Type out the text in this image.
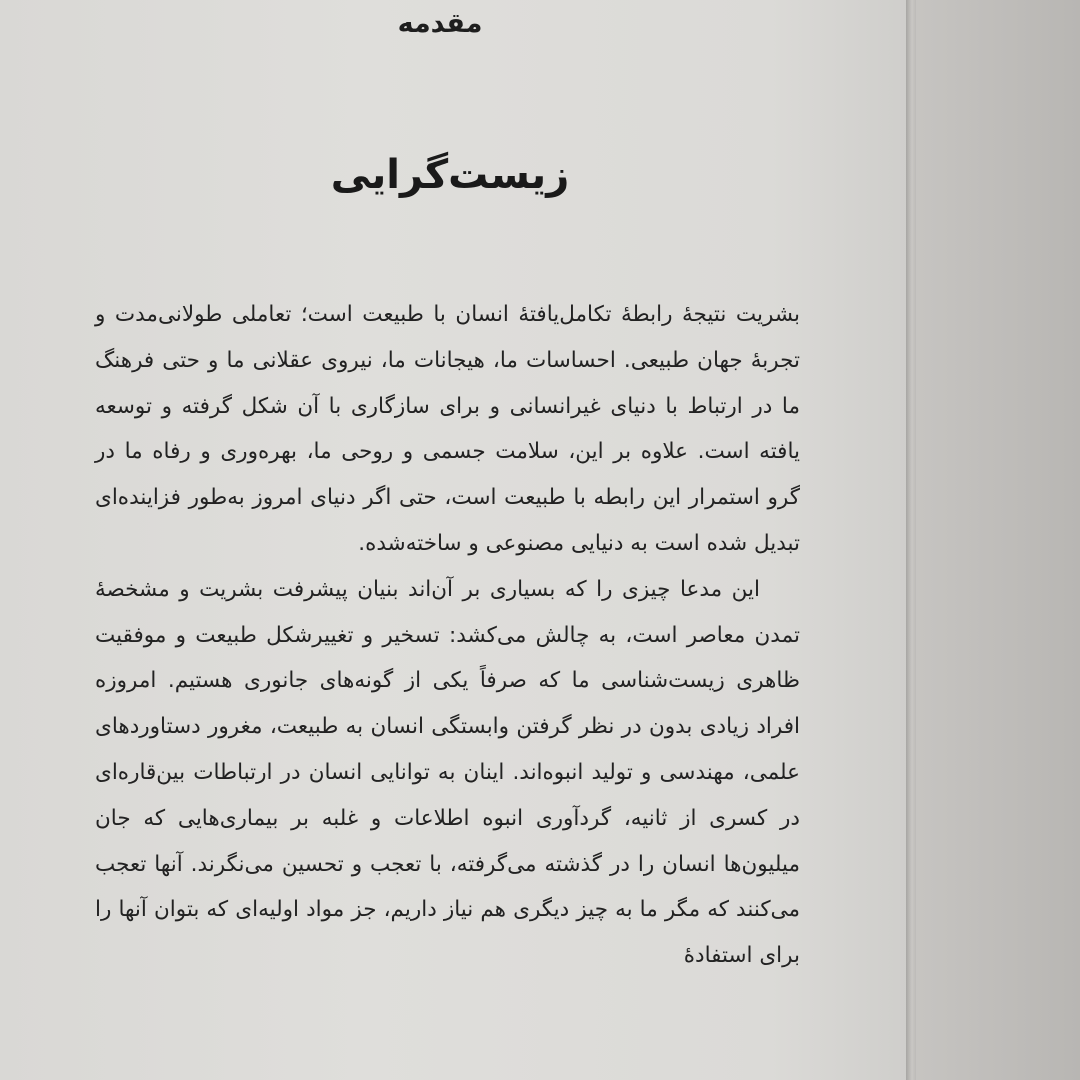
مقدمه
زیست‌گرایی

بشریت نتیجهٔ رابطهٔ تکامل‌یافتهٔ انسان با طبیعت است؛ تعاملی طولانی‌مدت و تجربهٔ جهان طبیعی. احساسات ما، هیجانات ما، نیروی عقلانی ما و حتی فرهنگ ما در ارتباط با دنیای غیرانسانی و برای سازگاری با آن شکل گرفته و توسعه یافته است. علاوه بر این، سلامت جسمی و روحی ما، بهره‌وری و رفاه ما در گرو استمرار این رابطه با طبیعت است، حتی اگر دنیای امروز به‌طور فزاینده‌ای تبدیل شده است به دنیایی مصنوعی و ساخته‌شده.

این مدعا چیزی را که بسیاری بر آن‌اند بنیان پیشرفت بشریت و مشخصهٔ تمدن معاصر است، به چالش می‌کشد: تسخیر و تغییرشکل طبیعت و موفقیت ظاهری زیست‌شناسی ما که صرفاً یکی از گونه‌های جانوری هستیم. امروزه افراد زیادی بدون در نظر گرفتن وابستگی انسان به طبیعت، مغرور دستاوردهای علمی، مهندسی و تولید انبوه‌اند. اینان به توانایی انسان در ارتباطات بین‌قاره‌ای در کسری از ثانیه، گردآوری انبوه اطلاعات و غلبه بر بیماری‌هایی که جان میلیون‌ها انسان را در گذشته می‌گرفته، با تعجب و تحسین می‌نگرند. آنها تعجب می‌کنند که مگر ما به چیز دیگری هم نیاز داریم، جز مواد اولیه‌ای که بتوان آنها را برای استفادهٔ
